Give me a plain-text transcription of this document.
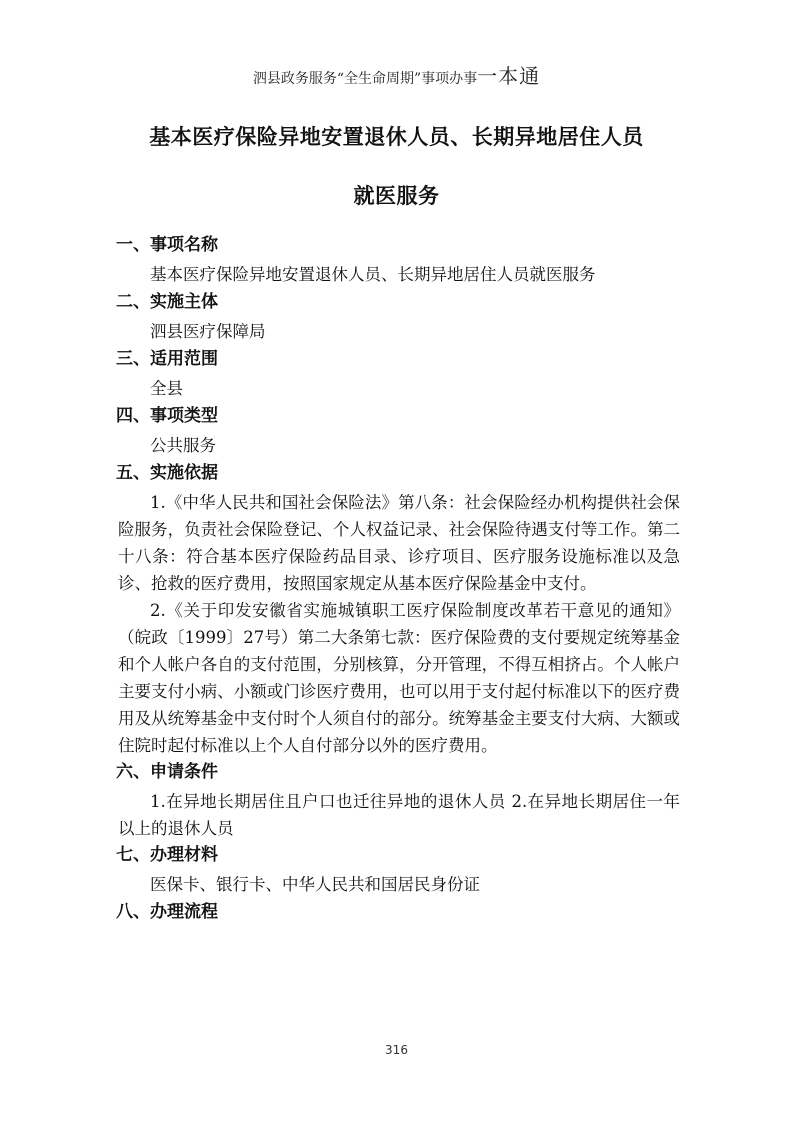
泗县政务服务“全生命周期”事项办事一本通
基本医疗保险异地安置退休人员、长期异地居住人员
就医服务

一、事项名称

基本医疗保险异地安置退休人员、长期异地居住人员就医服务

二、实施主体

泗县医疗保障局

三、适用范围

全县

四、事项类型

公共服务

五、实施依据

1.《中华人民共和国社会保险法》第八条：社会保险经办机构提供社会保险服务，负责社会保险登记、个人权益记录、社会保险待遇支付等工作。第二十八条：符合基本医疗保险药品目录、诊疗项目、医疗服务设施标准以及急诊、抢救的医疗费用，按照国家规定从基本医疗保险基金中支付。

2.《关于印发安徽省实施城镇职工医疗保险制度改革若干意见的通知》（皖政〔1999〕27号）第二大条第七款：医疗保险费的支付要规定统筹基金和个人帐户各自的支付范围，分别核算，分开管理，不得互相挤占。个人帐户主要支付小病、小额或门诊医疗费用，也可以用于支付起付标准以下的医疗费用及从统筹基金中支付时个人须自付的部分。统筹基金主要支付大病、大额或住院时起付标准以上个人自付部分以外的医疗费用。

六、申请条件

1.在异地长期居住且户口也迁往异地的退休人员 2.在异地长期居住一年以上的退休人员

七、办理材料

医保卡、银行卡、中华人民共和国居民身份证

八、办理流程

316
